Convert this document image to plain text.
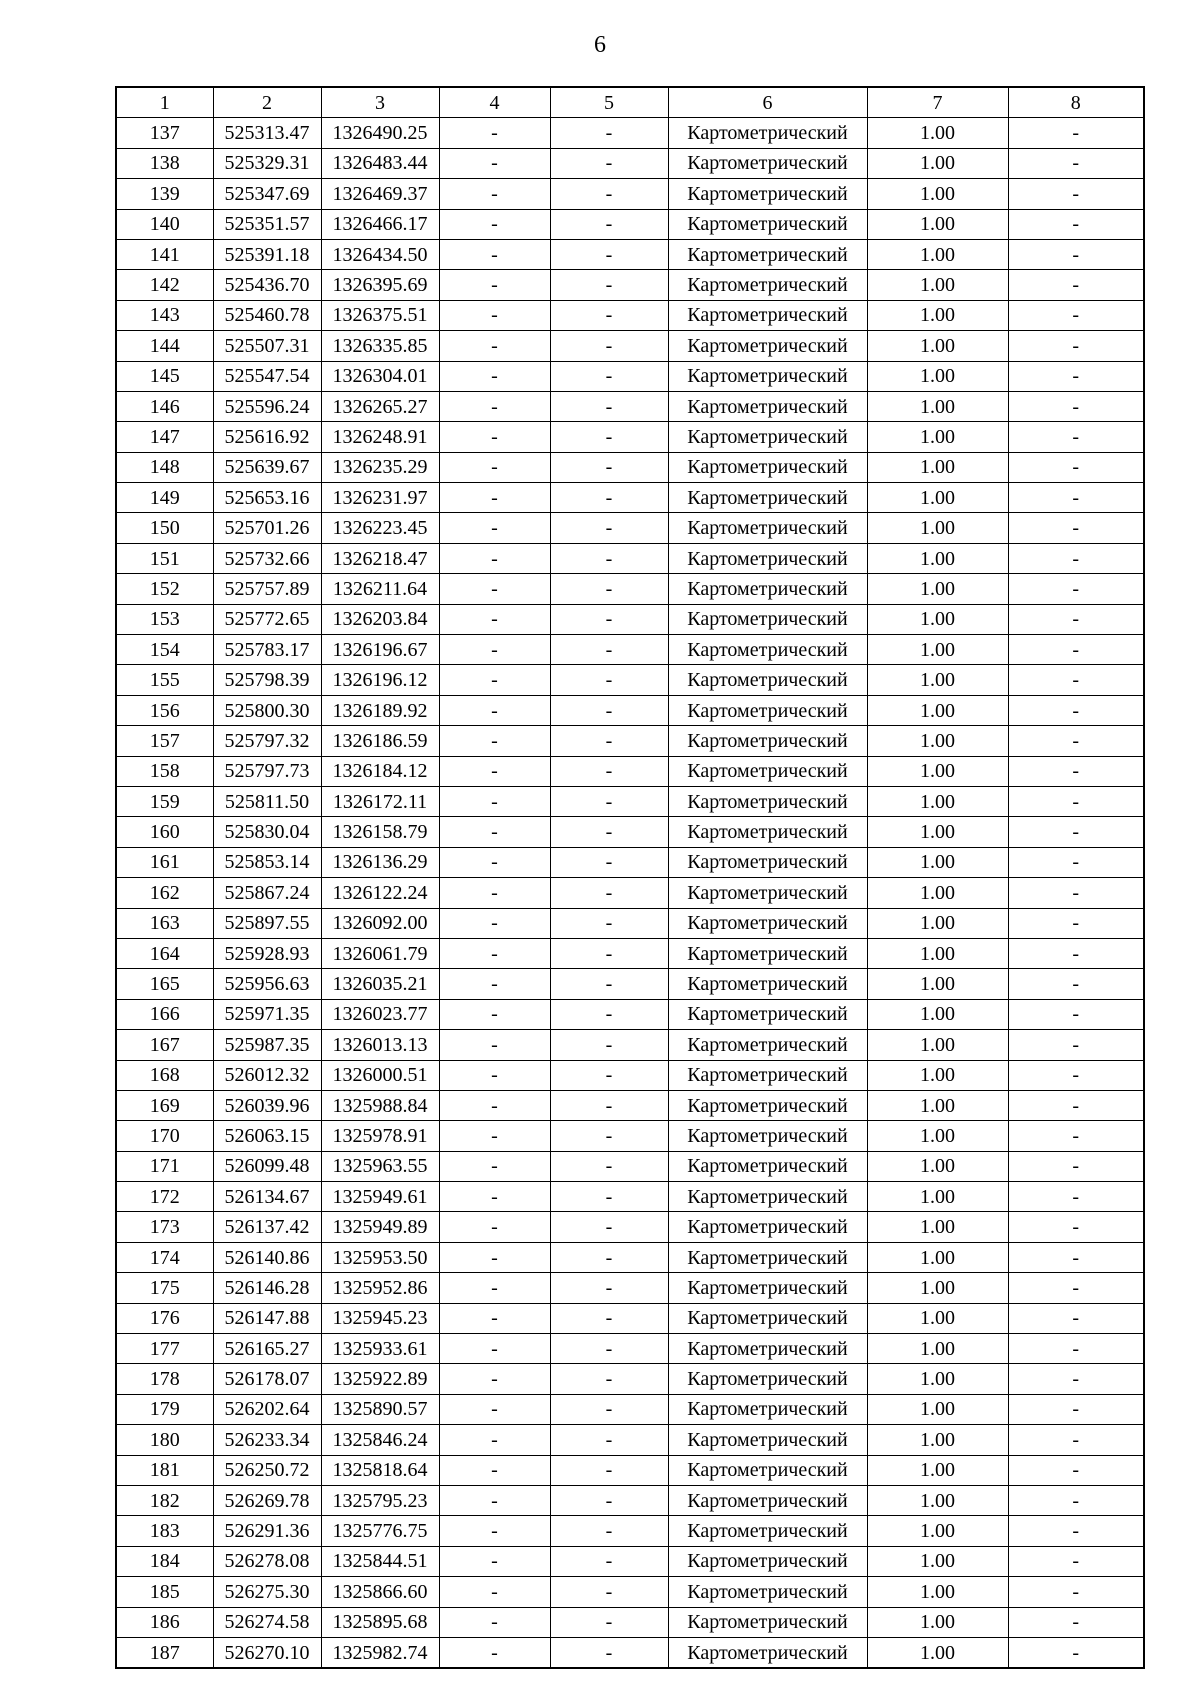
6
1	2	3	4	5	6	7	8
137	525313.47	1326490.25	-	-	Картометрический	1.00	-
138	525329.31	1326483.44	-	-	Картометрический	1.00	-
139	525347.69	1326469.37	-	-	Картометрический	1.00	-
140	525351.57	1326466.17	-	-	Картометрический	1.00	-
141	525391.18	1326434.50	-	-	Картометрический	1.00	-
142	525436.70	1326395.69	-	-	Картометрический	1.00	-
143	525460.78	1326375.51	-	-	Картометрический	1.00	-
144	525507.31	1326335.85	-	-	Картометрический	1.00	-
145	525547.54	1326304.01	-	-	Картометрический	1.00	-
146	525596.24	1326265.27	-	-	Картометрический	1.00	-
147	525616.92	1326248.91	-	-	Картометрический	1.00	-
148	525639.67	1326235.29	-	-	Картометрический	1.00	-
149	525653.16	1326231.97	-	-	Картометрический	1.00	-
150	525701.26	1326223.45	-	-	Картометрический	1.00	-
151	525732.66	1326218.47	-	-	Картометрический	1.00	-
152	525757.89	1326211.64	-	-	Картометрический	1.00	-
153	525772.65	1326203.84	-	-	Картометрический	1.00	-
154	525783.17	1326196.67	-	-	Картометрический	1.00	-
155	525798.39	1326196.12	-	-	Картометрический	1.00	-
156	525800.30	1326189.92	-	-	Картометрический	1.00	-
157	525797.32	1326186.59	-	-	Картометрический	1.00	-
158	525797.73	1326184.12	-	-	Картометрический	1.00	-
159	525811.50	1326172.11	-	-	Картометрический	1.00	-
160	525830.04	1326158.79	-	-	Картометрический	1.00	-
161	525853.14	1326136.29	-	-	Картометрический	1.00	-
162	525867.24	1326122.24	-	-	Картометрический	1.00	-
163	525897.55	1326092.00	-	-	Картометрический	1.00	-
164	525928.93	1326061.79	-	-	Картометрический	1.00	-
165	525956.63	1326035.21	-	-	Картометрический	1.00	-
166	525971.35	1326023.77	-	-	Картометрический	1.00	-
167	525987.35	1326013.13	-	-	Картометрический	1.00	-
168	526012.32	1326000.51	-	-	Картометрический	1.00	-
169	526039.96	1325988.84	-	-	Картометрический	1.00	-
170	526063.15	1325978.91	-	-	Картометрический	1.00	-
171	526099.48	1325963.55	-	-	Картометрический	1.00	-
172	526134.67	1325949.61	-	-	Картометрический	1.00	-
173	526137.42	1325949.89	-	-	Картометрический	1.00	-
174	526140.86	1325953.50	-	-	Картометрический	1.00	-
175	526146.28	1325952.86	-	-	Картометрический	1.00	-
176	526147.88	1325945.23	-	-	Картометрический	1.00	-
177	526165.27	1325933.61	-	-	Картометрический	1.00	-
178	526178.07	1325922.89	-	-	Картометрический	1.00	-
179	526202.64	1325890.57	-	-	Картометрический	1.00	-
180	526233.34	1325846.24	-	-	Картометрический	1.00	-
181	526250.72	1325818.64	-	-	Картометрический	1.00	-
182	526269.78	1325795.23	-	-	Картометрический	1.00	-
183	526291.36	1325776.75	-	-	Картометрический	1.00	-
184	526278.08	1325844.51	-	-	Картометрический	1.00	-
185	526275.30	1325866.60	-	-	Картометрический	1.00	-
186	526274.58	1325895.68	-	-	Картометрический	1.00	-
187	526270.10	1325982.74	-	-	Картометрический	1.00	-
